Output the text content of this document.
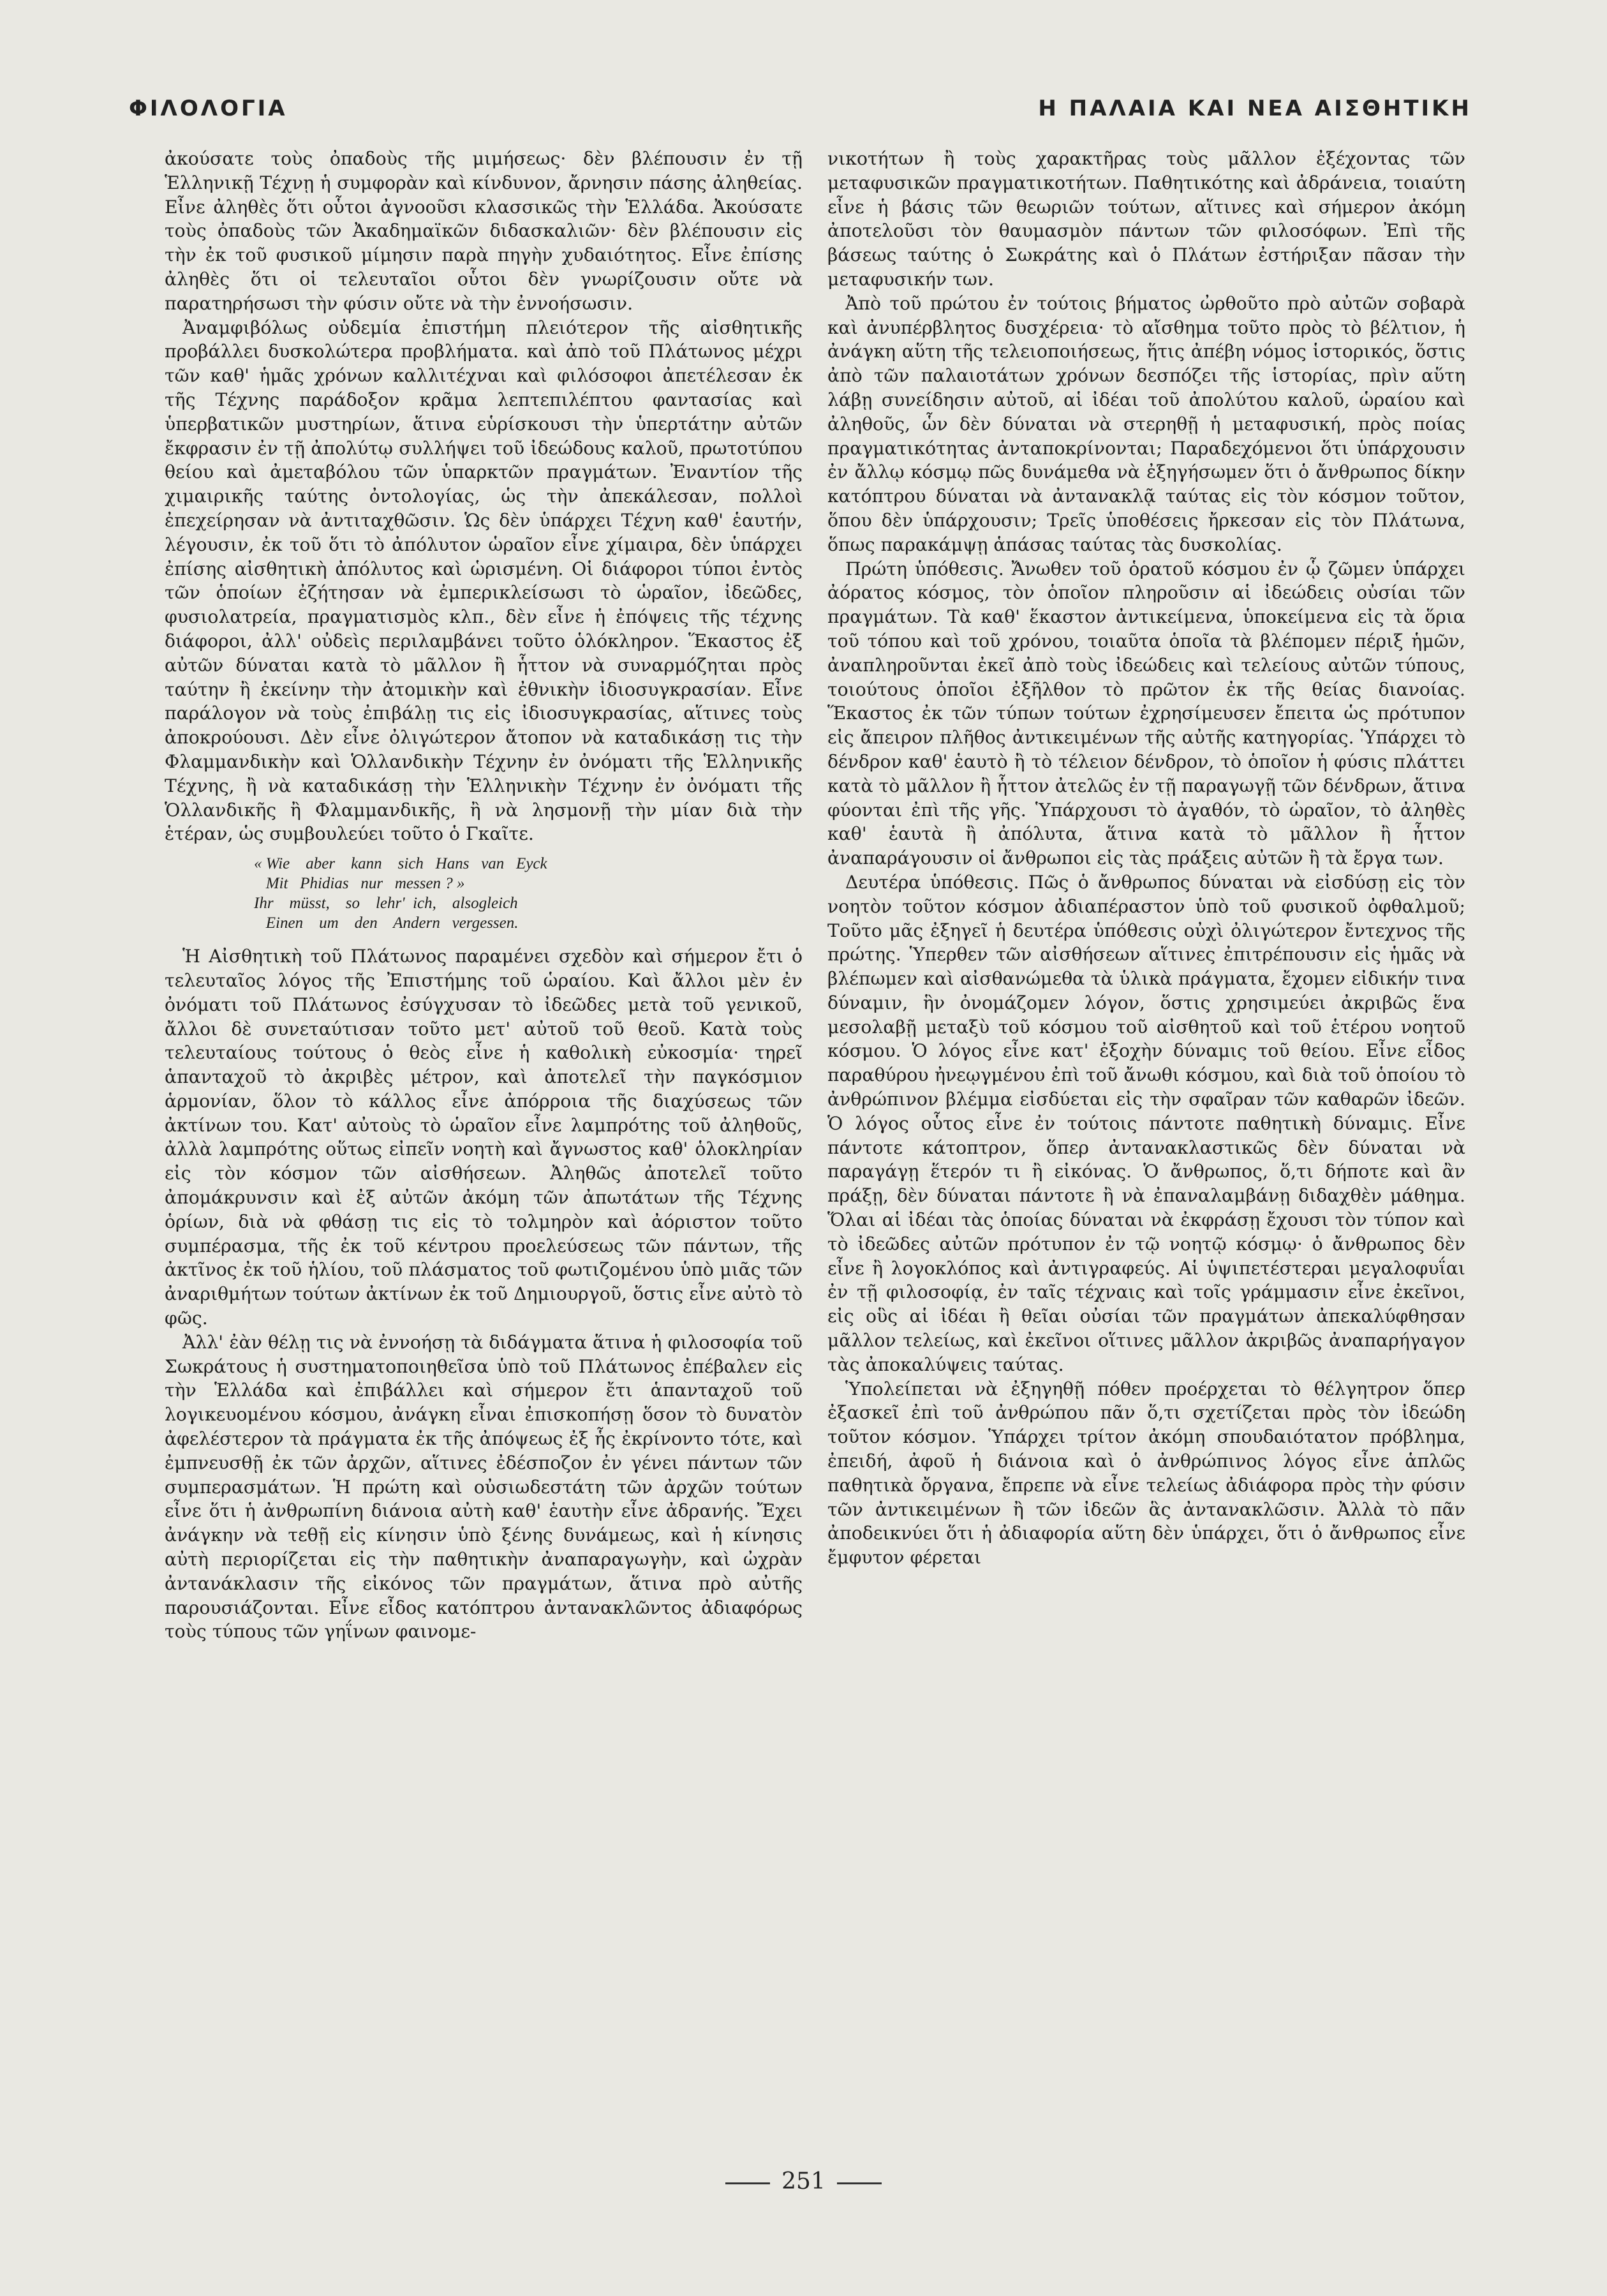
ΦΙΛΟΛΟΓΙΑ	Η ΠΑΛΑΙΑ ΚΑΙ ΝΕΑ ΑΙΣΘΗΤΙΚΗ

ἀκούσατε τοὺς ὀπαδοὺς τῆς μιμήσεως· δὲν βλέπουσιν ἐν τῇ Ἑλληνικῇ Τέχνῃ ἡ συμφορὰν καὶ κίνδυνον, ἄρνησιν πάσης ἀληθείας. Εἶνε ἀληθὲς ὅτι οὗτοι ἀγνοοῦσι κλασσικῶς τὴν Ἑλλάδα. Ἀκούσατε τοὺς ὀπαδοὺς τῶν Ἀκαδημαϊκῶν διδασκαλιῶν· δὲν βλέπουσιν εἰς τὴν ἐκ τοῦ φυσικοῦ μίμησιν παρὰ πηγὴν χυδαιότητος. Εἶνε ἐπίσης ἀληθὲς ὅτι οἱ τελευταῖοι οὗτοι δὲν γνωρίζουσιν οὔτε νὰ παρατηρήσωσι τὴν φύσιν οὔτε νὰ τὴν ἐννοήσωσιν.

Ἀναμφιβόλως οὐδεμία ἐπιστήμη πλειότερον τῆς αἰσθητικῆς προβάλλει δυσκολώτερα προβλήματα. καὶ ἀπὸ τοῦ Πλάτωνος μέχρι τῶν καθ' ἡμᾶς χρόνων καλλιτέχναι καὶ φιλόσοφοι ἀπετέλεσαν ἐκ τῆς Τέχνης παράδοξον κρᾶμα λεπτεπιλέπτου φαντασίας καὶ ὑπερβατικῶν μυστηρίων, ἅτινα εὑρίσκουσι τὴν ὑπερτάτην αὐτῶν ἔκφρασιν ἐν τῇ ἀπολύτῳ συλλήψει τοῦ ἰδεώδους καλοῦ, πρωτοτύπου θείου καὶ ἀμεταβόλου τῶν ὑπαρκτῶν πραγμάτων. Ἐναντίον τῆς χιμαιρικῆς ταύτης ὀντολογίας, ὡς τὴν ἀπεκάλεσαν, πολλοὶ ἐπεχείρησαν νὰ ἀντιταχθῶσιν. Ὡς δὲν ὑπάρχει Τέχνη καθ' ἑαυτήν, λέγουσιν, ἐκ τοῦ ὅτι τὸ ἀπόλυτον ὡραῖον εἶνε χίμαιρα, δὲν ὑπάρχει ἐπίσης αἰσθητικὴ ἀπόλυτος καὶ ὡρισμένη. Οἱ διάφοροι τύποι ἐντὸς τῶν ὁποίων ἐζήτησαν νὰ ἐμπερικλείσωσι τὸ ὡραῖον, ἰδεῶδες, φυσιολατρεία, πραγματισμὸς κλπ., δὲν εἶνε ἡ ἐπόψεις τῆς τέχνης διάφοροι, ἀλλ' οὐδεὶς περιλαμβάνει τοῦτο ὁλόκληρον. Ἕκαστος ἐξ αὐτῶν δύναται κατὰ τὸ μᾶλλον ἢ ἧττον νὰ συναρμόζηται πρὸς ταύτην ἢ ἐκείνην τὴν ἀτομικὴν καὶ ἐθνικὴν ἰδιοσυγκρασίαν. Εἶνε παράλογον νὰ τοὺς ἐπιβάλῃ τις εἰς ἰδιοσυγκρασίας, αἵτινες τοὺς ἀποκρούουσι. Δὲν εἶνε ὀλιγώτερον ἄτοπον νὰ καταδικάσῃ τις τὴν Φλαμμανδικὴν καὶ Ὁλλανδικὴν Τέχνην ἐν ὀνόματι τῆς Ἑλληνικῆς Τέχνης, ἢ νὰ καταδικάσῃ τὴν Ἑλληνικὴν Τέχνην ἐν ὀνόματι τῆς Ὁλλανδικῆς ἢ Φλαμμανδικῆς, ἢ νὰ λησμονῇ τὴν μίαν διὰ τὴν ἑτέραν, ὡς συμβουλεύει τοῦτο ὁ Γκαῖτε.

« Wie    aber    kann    sich   Hans   van   Eyck
Mit   Phidias   nur   messen ? »
Ihr    müsst,    so    lehr'  ich,    alsogleich
Einen    um    den    Andern   vergessen.

Ἡ Αἰσθητικὴ τοῦ Πλάτωνος παραμένει σχεδὸν καὶ σήμερον ἔτι ὁ τελευταῖος λόγος τῆς Ἐπιστήμης τοῦ ὡραίου. Καὶ ἄλλοι μὲν ἐν ὀνόματι τοῦ Πλάτωνος ἐσύγχυσαν τὸ ἰδεῶδες μετὰ τοῦ γενικοῦ, ἄλλοι δὲ συνεταύτισαν τοῦτο μετ' αὐτοῦ τοῦ θεοῦ. Κατὰ τοὺς τελευταίους τούτους ὁ θεὸς εἶνε ἡ καθολικὴ εὐκοσμία· τηρεῖ ἁπανταχοῦ τὸ ἀκριβὲς μέτρον, καὶ ἀποτελεῖ τὴν παγκόσμιον ἁρμονίαν, ὅλον τὸ κάλλος εἶνε ἀπόρροια τῆς διαχύσεως τῶν ἀκτίνων του. Κατ' αὐτοὺς τὸ ὡραῖον εἶνε λαμπρότης τοῦ ἀληθοῦς, ἀλλὰ λαμπρότης οὕτως εἰπεῖν νοητὴ καὶ ἄγνωστος καθ' ὁλοκληρίαν εἰς τὸν κόσμον τῶν αἰσθήσεων. Ἀληθῶς ἀποτελεῖ τοῦτο ἀπομάκρυνσιν καὶ ἐξ αὐτῶν ἀκόμη τῶν ἀπωτάτων τῆς Τέχνης ὁρίων, διὰ νὰ φθάσῃ τις εἰς τὸ τολμηρὸν καὶ ἀόριστον τοῦτο συμπέρασμα, τῆς ἐκ τοῦ κέντρου προελεύσεως τῶν πάντων, τῆς ἀκτῖνος ἐκ τοῦ ἡλίου, τοῦ πλάσματος τοῦ φωτιζομένου ὑπὸ μιᾶς τῶν ἀναριθμήτων τούτων ἀκτίνων ἐκ τοῦ Δημιουργοῦ, ὅστις εἶνε αὐτὸ τὸ φῶς.

Ἀλλ' ἐὰν θέλῃ τις νὰ ἐννοήσῃ τὰ διδάγματα ἅτινα ἡ φιλοσοφία τοῦ Σωκράτους ἡ συστηματοποιηθεῖσα ὑπὸ τοῦ Πλάτωνος ἐπέβαλεν εἰς τὴν Ἑλλάδα καὶ ἐπιβάλλει καὶ σήμερον ἔτι ἁπανταχοῦ τοῦ λογικευομένου κόσμου, ἀνάγκη εἶναι ἐπισκοπήσῃ ὅσον τὸ δυνατὸν ἀφελέστερον τὰ πράγματα ἐκ τῆς ἀπόψεως ἐξ ἧς ἐκρίνοντο τότε, καὶ ἐμπνευσθῇ ἐκ τῶν ἀρχῶν, αἵτινες ἐδέσποζον ἐν γένει πάντων τῶν συμπερασμάτων. Ἡ πρώτη καὶ οὐσιωδεστάτη τῶν ἀρχῶν τούτων εἶνε ὅτι ἡ ἀνθρωπίνη διάνοια αὐτὴ καθ' ἑαυτὴν εἶνε ἀδρανής. Ἔχει ἀνάγκην νὰ τεθῇ εἰς κίνησιν ὑπὸ ξένης δυνάμεως, καὶ ἡ κίνησις αὐτὴ περιορίζεται εἰς τὴν παθητικὴν ἀναπαραγωγὴν, καὶ ὠχρὰν ἀντανάκλασιν τῆς εἰκόνος τῶν πραγμάτων, ἅτινα πρὸ αὐτῆς παρουσιάζονται. Εἶνε εἶδος κατόπτρου ἀντανακλῶντος ἀδιαφόρως τοὺς τύπους τῶν γηΐνων φαινομε-

νικοτήτων ἢ τοὺς χαρακτῆρας τοὺς μᾶλλον ἐξέχοντας τῶν μεταφυσικῶν πραγματικοτήτων. Παθητικότης καὶ ἀδράνεια, τοιαύτη εἶνε ἡ βάσις τῶν θεωριῶν τούτων, αἵτινες καὶ σήμερον ἀκόμη ἀποτελοῦσι τὸν θαυμασμὸν πάντων τῶν φιλοσόφων. Ἐπὶ τῆς βάσεως ταύτης ὁ Σωκράτης καὶ ὁ Πλάτων ἐστήριξαν πᾶσαν τὴν μεταφυσικήν των.

Ἀπὸ τοῦ πρώτου ἐν τούτοις βήματος ὠρθοῦτο πρὸ αὐτῶν σοβαρὰ καὶ ἀνυπέρβλητος δυσχέρεια· τὸ αἴσθημα τοῦτο πρὸς τὸ βέλτιον, ἡ ἀνάγκη αὕτη τῆς τελειοποιήσεως, ἥτις ἀπέβη νόμος ἱστορικός, ὅστις ἀπὸ τῶν παλαιοτάτων χρόνων δεσπόζει τῆς ἱστορίας, πρὶν αὕτη λάβῃ συνείδησιν αὐτοῦ, αἱ ἰδέαι τοῦ ἀπολύτου καλοῦ, ὡραίου καὶ ἀληθοῦς, ὧν δὲν δύναται νὰ στερηθῇ ἡ μεταφυσική, πρὸς ποίας πραγματικότητας ἀνταποκρίνονται; Παραδεχόμενοι ὅτι ὑπάρχουσιν ἐν ἄλλῳ κόσμῳ πῶς δυνάμεθα νὰ ἐξηγήσωμεν ὅτι ὁ ἄνθρωπος δίκην κατόπτρου δύναται νὰ ἀντανακλᾷ ταύτας εἰς τὸν κόσμον τοῦτον, ὅπου δὲν ὑπάρχουσιν; Τρεῖς ὑποθέσεις ἤρκεσαν εἰς τὸν Πλάτωνα, ὅπως παρακάμψῃ ἁπάσας ταύτας τὰς δυσκολίας.

Πρώτη ὑπόθεσις. Ἄνωθεν τοῦ ὁρατοῦ κόσμου ἐν ᾧ ζῶμεν ὑπάρχει ἀόρατος κόσμος, τὸν ὁποῖον πληροῦσιν αἱ ἰδεώδεις οὐσίαι τῶν πραγμάτων. Τὰ καθ' ἕκαστον ἀντικείμενα, ὑποκείμενα εἰς τὰ ὅρια τοῦ τόπου καὶ τοῦ χρόνου, τοιαῦτα ὁποῖα τὰ βλέπομεν πέριξ ἡμῶν, ἀναπληροῦνται ἐκεῖ ἀπὸ τοὺς ἰδεώδεις καὶ τελείους αὐτῶν τύπους, τοιούτους ὁποῖοι ἐξῆλθον τὸ πρῶτον ἐκ τῆς θείας διανοίας. Ἕκαστος ἐκ τῶν τύπων τούτων ἐχρησίμευσεν ἔπειτα ὡς πρότυπον εἰς ἄπειρον πλῆθος ἀντικειμένων τῆς αὐτῆς κατηγορίας. Ὑπάρχει τὸ δένδρον καθ' ἑαυτὸ ἢ τὸ τέλειον δένδρον, τὸ ὁποῖον ἡ φύσις πλάττει κατὰ τὸ μᾶλλον ἢ ἧττον ἀτελῶς ἐν τῇ παραγωγῇ τῶν δένδρων, ἅτινα φύονται ἐπὶ τῆς γῆς. Ὑπάρχουσι τὸ ἀγαθόν, τὸ ὡραῖον, τὸ ἀληθὲς καθ' ἑαυτὰ ἢ ἀπόλυτα, ἅτινα κατὰ τὸ μᾶλλον ἢ ἧττον ἀναπαράγουσιν οἱ ἄνθρωποι εἰς τὰς πράξεις αὐτῶν ἢ τὰ ἔργα των.

Δευτέρα ὑπόθεσις. Πῶς ὁ ἄνθρωπος δύναται νὰ εἰσδύσῃ εἰς τὸν νοητὸν τοῦτον κόσμον ἀδιαπέραστον ὑπὸ τοῦ φυσικοῦ ὀφθαλμοῦ; Τοῦτο μᾶς ἐξηγεῖ ἡ δευτέρα ὑπόθεσις οὐχὶ ὀλιγώτερον ἔντεχνος τῆς πρώτης. Ὑπερθεν τῶν αἰσθήσεων αἵτινες ἐπιτρέπουσιν εἰς ἡμᾶς νὰ βλέπωμεν καὶ αἰσθανώμεθα τὰ ὑλικὰ πράγματα, ἔχομεν εἰδικήν τινα δύναμιν, ἣν ὀνομάζομεν λόγον, ὅστις χρησιμεύει ἀκριβῶς ἕνα μεσολαβῇ μεταξὺ τοῦ κόσμου τοῦ αἰσθητοῦ καὶ τοῦ ἑτέρου νοητοῦ κόσμου. Ὁ λόγος εἶνε κατ' ἐξοχὴν δύναμις τοῦ θείου. Εἶνε εἶδος παραθύρου ἠνεῳγμένου ἐπὶ τοῦ ἄνωθι κόσμου, καὶ διὰ τοῦ ὁποίου τὸ ἀνθρώπινον βλέμμα εἰσδύεται εἰς τὴν σφαῖραν τῶν καθαρῶν ἰδεῶν. Ὁ λόγος οὗτος εἶνε ἐν τούτοις πάντοτε παθητικὴ δύναμις. Εἶνε πάντοτε κάτοπτρον, ὅπερ ἀντανακλαστικῶς δὲν δύναται νὰ παραγάγῃ ἕτερόν τι ἢ εἰκόνας. Ὁ ἄνθρωπος, ὅ,τι δήποτε καὶ ἂν πράξῃ, δὲν δύναται πάντοτε ἢ νὰ ἐπαναλαμβάνῃ διδαχθὲν μάθημα. Ὅλαι αἱ ἰδέαι τὰς ὁποίας δύναται νὰ ἐκφράσῃ ἔχουσι τὸν τύπον καὶ τὸ ἰδεῶδες αὐτῶν πρότυπον ἐν τῷ νοητῷ κόσμῳ· ὁ ἄνθρωπος δὲν εἶνε ἢ λογοκλόπος καὶ ἀντιγραφεύς. Αἱ ὑψιπετέστεραι μεγαλοφυΐαι ἐν τῇ φιλοσοφίᾳ, ἐν ταῖς τέχναις καὶ τοῖς γράμμασιν εἶνε ἐκεῖνοι, εἰς οὓς αἱ ἰδέαι ἢ θεῖαι οὐσίαι τῶν πραγμάτων ἀπεκαλύφθησαν μᾶλλον τελείως, καὶ ἐκεῖνοι οἵτινες μᾶλλον ἀκριβῶς ἀναπαρήγαγον τὰς ἀποκαλύψεις ταύτας.

Ὑπολείπεται νὰ ἐξηγηθῇ πόθεν προέρχεται τὸ θέλγητρον ὅπερ ἐξασκεῖ ἐπὶ τοῦ ἀνθρώπου πᾶν ὅ,τι σχετίζεται πρὸς τὸν ἰδεώδη τοῦτον κόσμον. Ὑπάρχει τρίτον ἀκόμη σπουδαιότατον πρόβλημα, ἐπειδή, ἀφοῦ ἡ διάνοια καὶ ὁ ἀνθρώπινος λόγος εἶνε ἁπλῶς παθητικὰ ὄργανα, ἔπρεπε νὰ εἶνε τελείως ἀδιάφορα πρὸς τὴν φύσιν τῶν ἀντικειμένων ἢ τῶν ἰδεῶν ἃς ἀντανακλῶσιν. Ἀλλὰ τὸ πᾶν ἀποδεικνύει ὅτι ἡ ἀδιαφορία αὕτη δὲν ὑπάρχει, ὅτι ὁ ἄνθρωπος εἶνε ἔμφυτον φέρεται

251
